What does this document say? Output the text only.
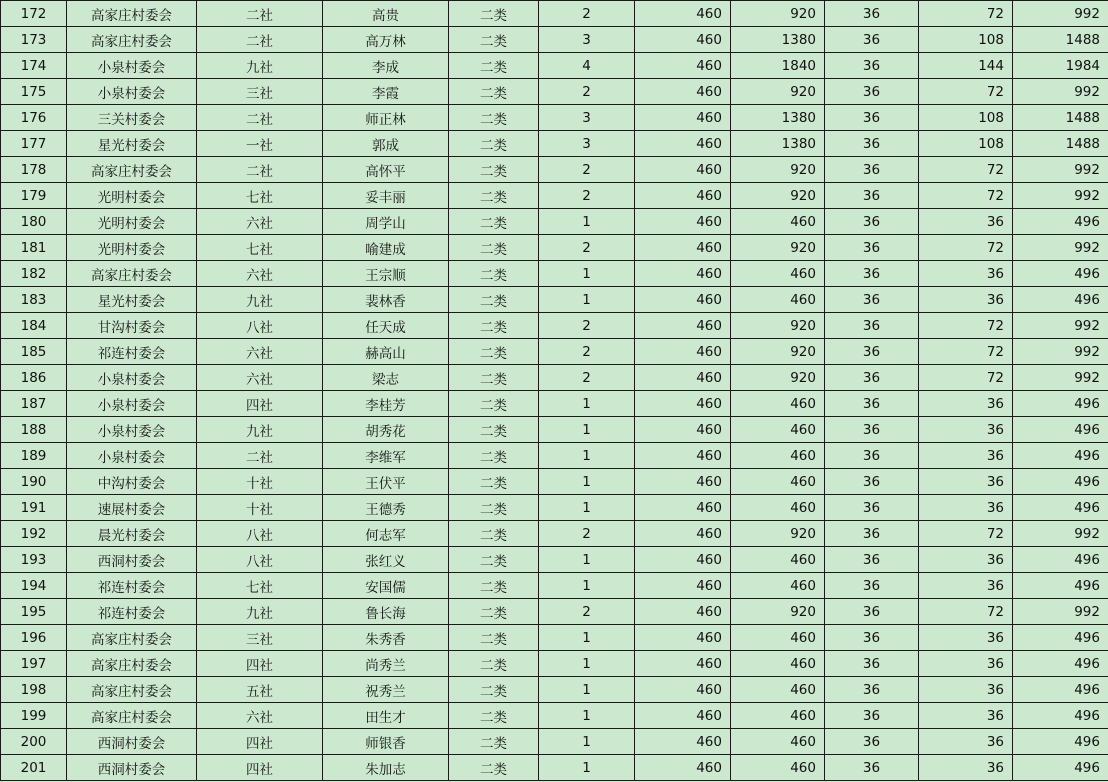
172	高家庄村委会	二社	高贵	二类	2	460	920	36	72	992
173	高家庄村委会	二社	高万林	二类	3	460	1380	36	108	1488
174	小泉村委会	九社	李成	二类	4	460	1840	36	144	1984
175	小泉村委会	三社	李霞	二类	2	460	920	36	72	992
176	三关村委会	二社	师正林	二类	3	460	1380	36	108	1488
177	星光村委会	一社	郭成	二类	3	460	1380	36	108	1488
178	高家庄村委会	二社	高怀平	二类	2	460	920	36	72	992
179	光明村委会	七社	妥丰丽	二类	2	460	920	36	72	992
180	光明村委会	六社	周学山	二类	1	460	460	36	36	496
181	光明村委会	七社	喻建成	二类	2	460	920	36	72	992
182	高家庄村委会	六社	王宗顺	二类	1	460	460	36	36	496
183	星光村委会	九社	裴林香	二类	1	460	460	36	36	496
184	甘沟村委会	八社	任天成	二类	2	460	920	36	72	992
185	祁连村委会	六社	赫高山	二类	2	460	920	36	72	992
186	小泉村委会	六社	梁志	二类	2	460	920	36	72	992
187	小泉村委会	四社	李桂芳	二类	1	460	460	36	36	496
188	小泉村委会	九社	胡秀花	二类	1	460	460	36	36	496
189	小泉村委会	二社	李维军	二类	1	460	460	36	36	496
190	中沟村委会	十社	王伏平	二类	1	460	460	36	36	496
191	速展村委会	十社	王德秀	二类	1	460	460	36	36	496
192	晨光村委会	八社	何志军	二类	2	460	920	36	72	992
193	西洞村委会	八社	张红义	二类	1	460	460	36	36	496
194	祁连村委会	七社	安国儒	二类	1	460	460	36	36	496
195	祁连村委会	九社	鲁长海	二类	2	460	920	36	72	992
196	高家庄村委会	三社	朱秀香	二类	1	460	460	36	36	496
197	高家庄村委会	四社	尚秀兰	二类	1	460	460	36	36	496
198	高家庄村委会	五社	祝秀兰	二类	1	460	460	36	36	496
199	高家庄村委会	六社	田生才	二类	1	460	460	36	36	496
200	西洞村委会	四社	师银香	二类	1	460	460	36	36	496
201	西洞村委会	四社	朱加志	二类	1	460	460	36	36	496
